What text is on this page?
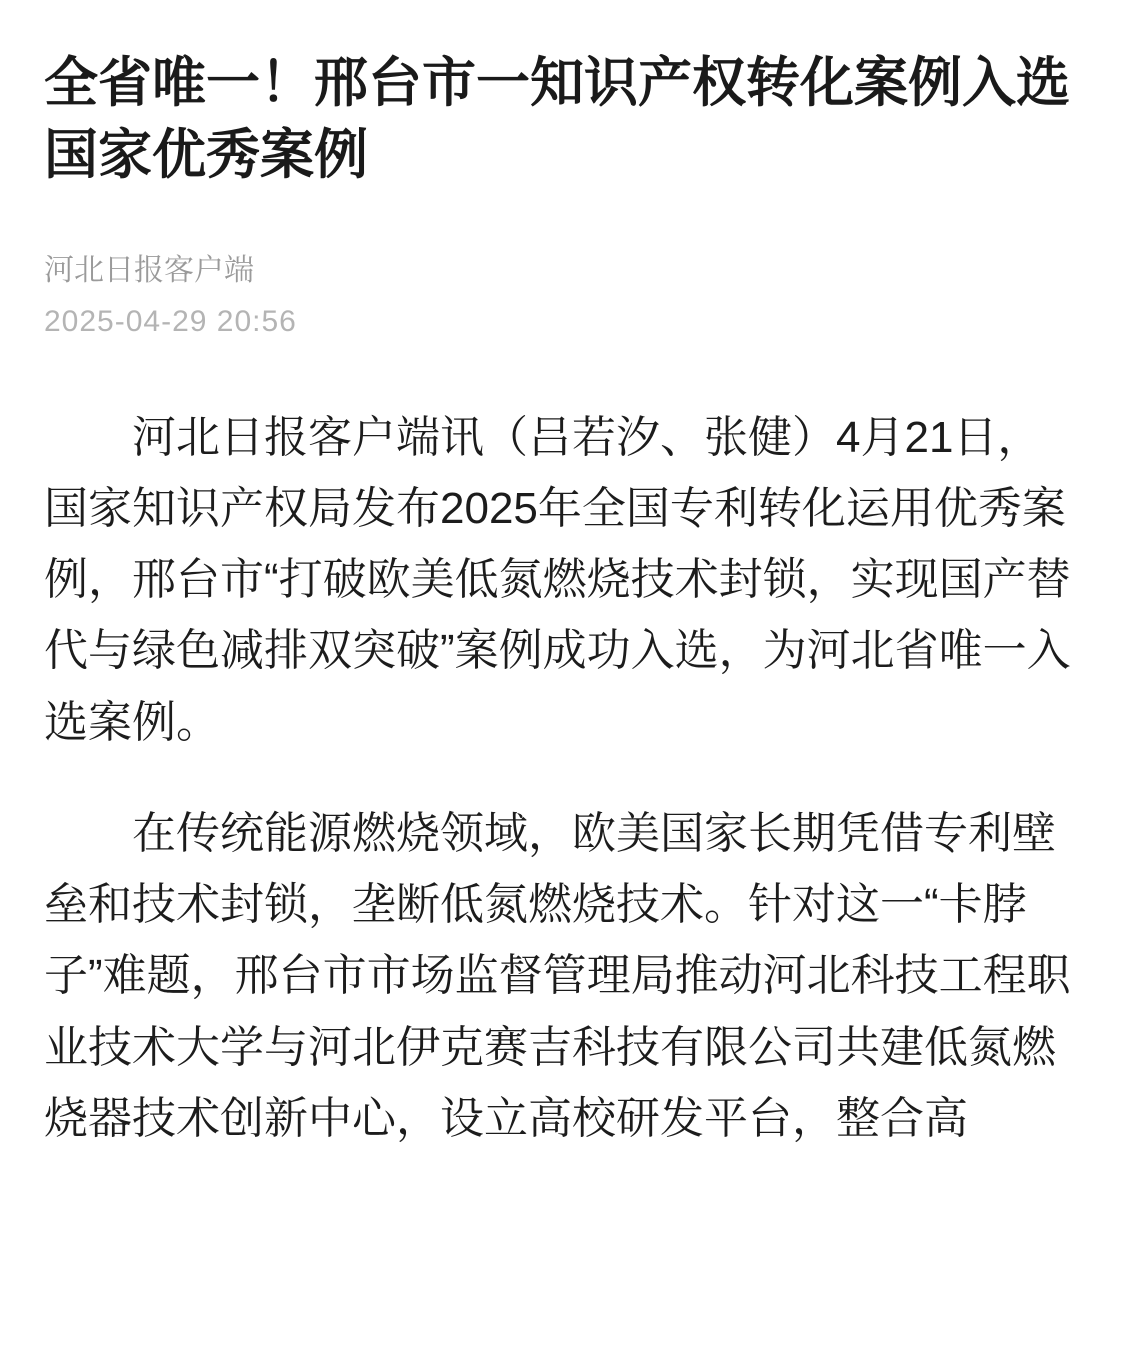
全省唯一！邢台市一知识产权转化案例入选国家优秀案例
河北日报客户端
2025-04-29 20:56

河北日报客户端讯（吕若汐、张健）4月21日，国家知识产权局发布2025年全国专利转化运用优秀案例，邢台市“打破欧美低氮燃烧技术封锁，实现国产替代与绿色减排双突破”案例成功入选，为河北省唯一入选案例。

在传统能源燃烧领域，欧美国家长期凭借专利壁垒和技术封锁，垄断低氮燃烧技术。针对这一“卡脖子”难题，邢台市市场监督管理局推动河北科技工程职业技术大学与河北伊克赛吉科技有限公司共建低氮燃烧器技术创新中心，设立高校研发平台，整合高
